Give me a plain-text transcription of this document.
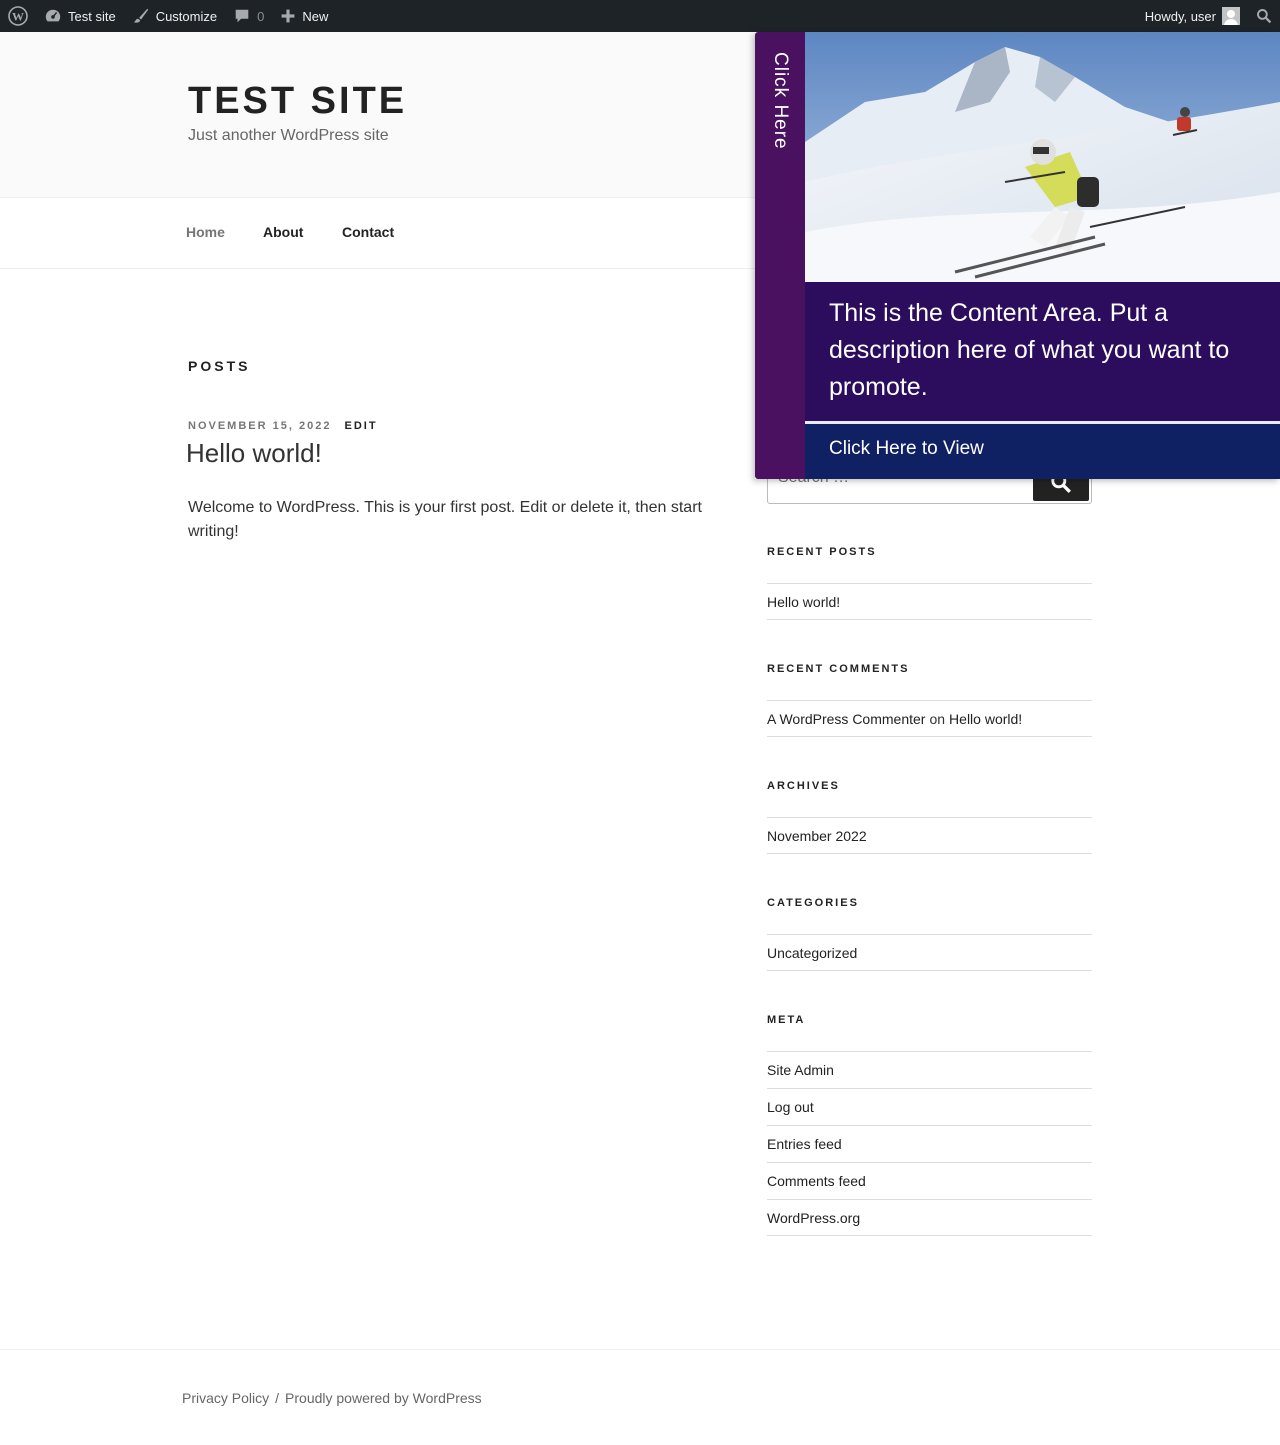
W	Test site	Customize	0	New	Howdy, user
TEST SITE
Just another WordPress site
Home	About	Contact
POSTS
NOVEMBER 15, 2022 EDIT
Hello world!
Welcome to WordPress. This is your first post. Edit or delete it, then start writing!
Search …
RECENT POSTS
Hello world!
RECENT COMMENTS
A WordPress Commenter on Hello world!
ARCHIVES
November 2022
CATEGORIES
Uncategorized
META
Site Admin
Log out
Entries feed
Comments feed
WordPress.org
Privacy Policy / Proudly powered by WordPress
Click Here
This is the Content Area. Put a description here of what you want to promote.
Click Here to View
